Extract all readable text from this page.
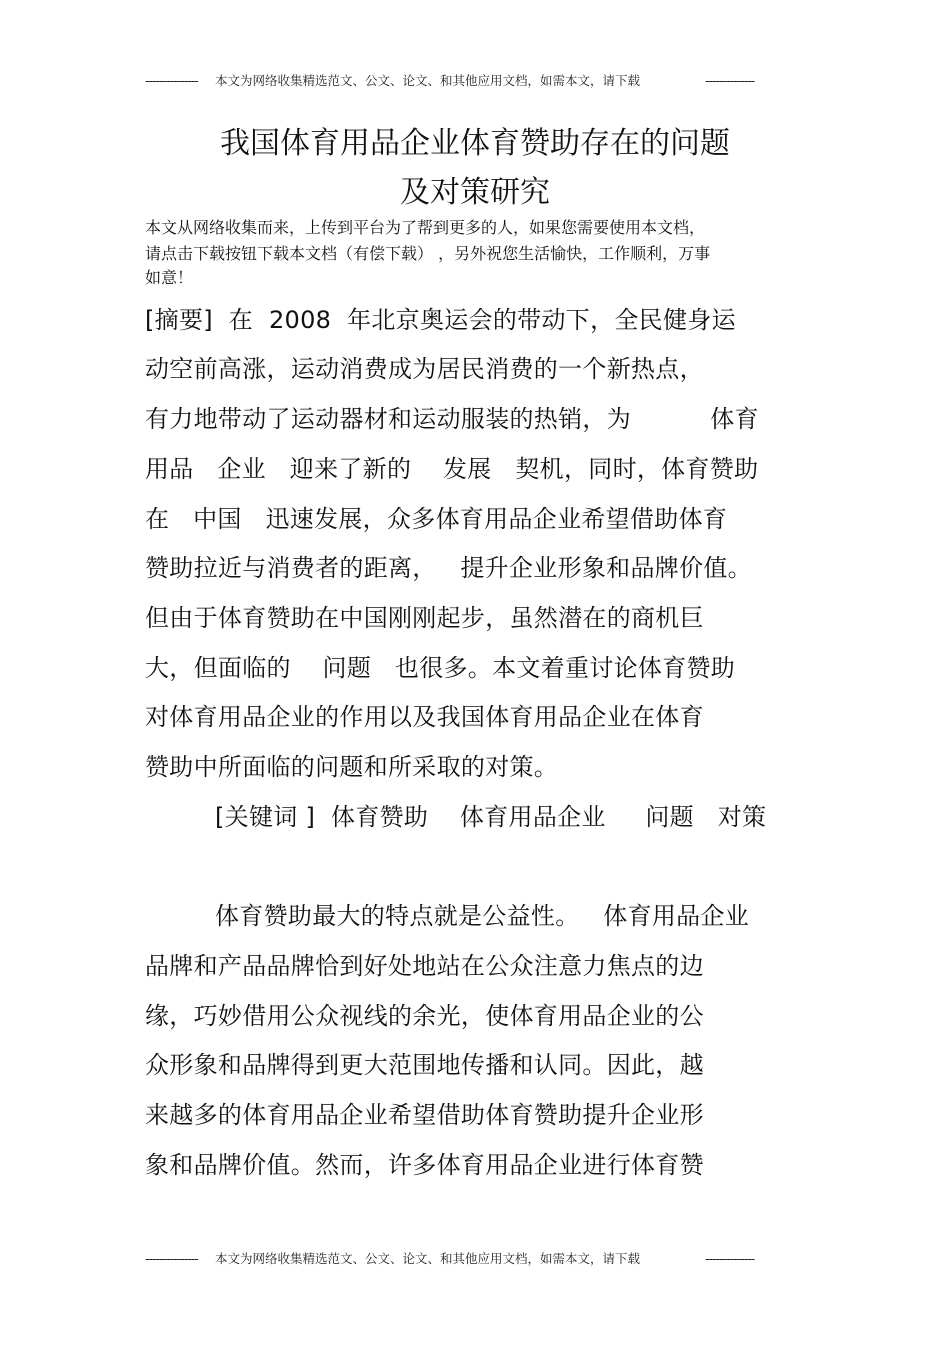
--------------- 本文为网络收集精选范文、公文、论文、和其他应用文档，如需本文，请下载	--------------
我国体育用品企业体育赞助存在的问题
及对策研究
本文从网络收集而来，上传到平台为了帮到更多的人，如果您需要使用本文档，
请点击下载按钮下载本文档（有偿下载） ，另外祝您生活愉快，工作顺利，万事
如意！
[摘要]  在  2008  年北京奥运会的带动下，全民健身运
动空前高涨，运动消费成为居民消费的一个新热点，
有力地带动了运动器材和运动服装的热销，为          体育
用品   企业   迎来了新的    发展   契机，同时，体育赞助
在   中国   迅速发展，众多体育用品企业希望借助体育
赞助拉近与消费者的距离，   提升企业形象和品牌价值。
但由于体育赞助在中国刚刚起步，虽然潜在的商机巨
大，但面临的    问题   也很多。本文着重讨论体育赞助
对体育用品企业的作用以及我国体育用品企业在体育
赞助中所面临的问题和所采取的对策。
[关键词 ]  体育赞助    体育用品企业     问题   对策
体育赞助最大的特点就是公益性。   体育用品企业
品牌和产品品牌恰到好处地站在公众注意力焦点的边
缘，巧妙借用公众视线的余光，使体育用品企业的公
众形象和品牌得到更大范围地传播和认同。因此，越
来越多的体育用品企业希望借助体育赞助提升企业形
象和品牌价值。然而，许多体育用品企业进行体育赞
--------------- 本文为网络收集精选范文、公文、论文、和其他应用文档，如需本文，请下载	--------------
